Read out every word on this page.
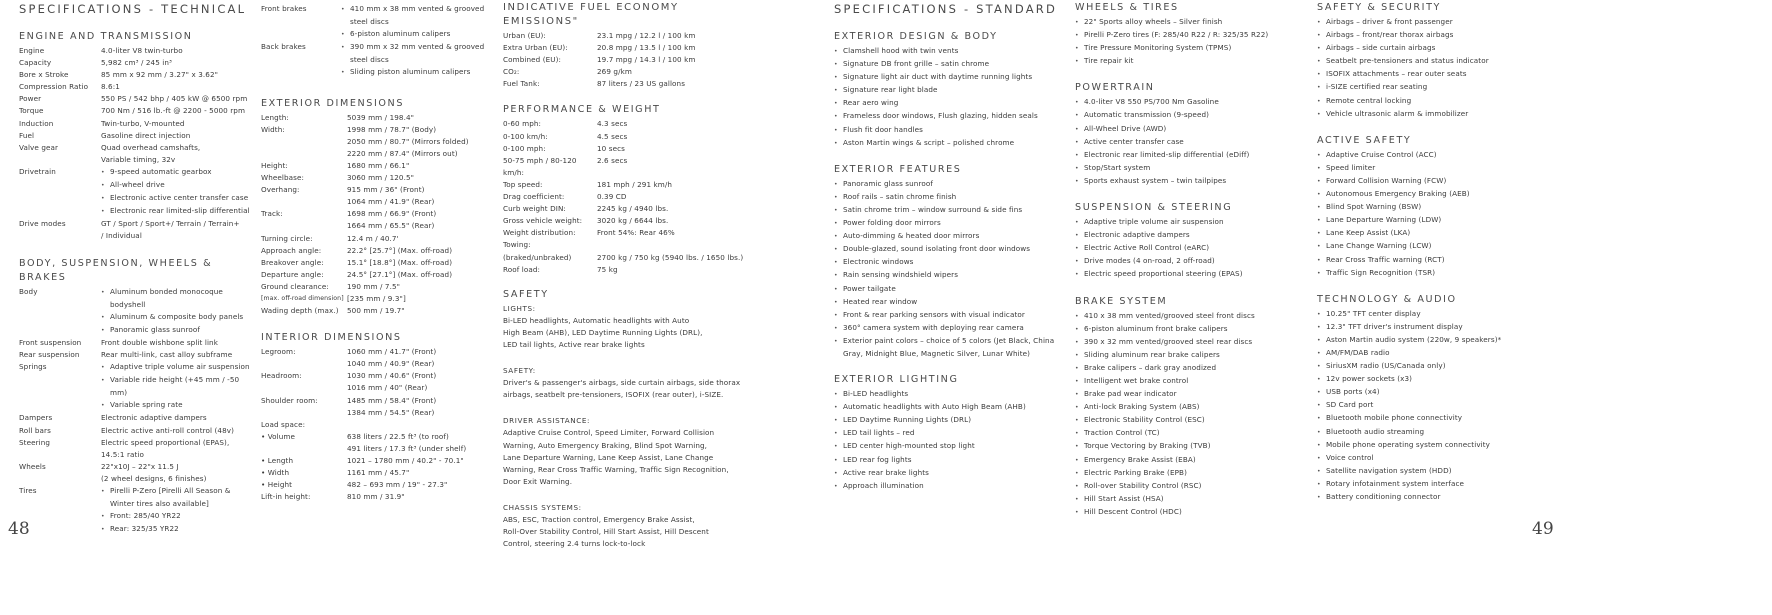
SPECIFICATIONS - TECHNICAL
ENGINE AND TRANSMISSION
Engine	4.0-liter V8 twin-turbo
Capacity	5,982 cm³ / 245 in³
Bore x Stroke	85 mm x 92 mm / 3.27" x 3.62"
Compression Ratio	8.6:1
Power	550 PS / 542 bhp / 405 kW @ 6500 rpm
Torque	700 Nm / 516 lb.-ft @ 2200 - 5000 rpm
Induction	Twin-turbo, V-mounted
Fuel	Gasoline direct injection
Valve gear	Quad overhead camshafts,
Variable timing, 32v
Drivetrain	• 9-speed automatic gearbox
• All-wheel drive
• Electronic active center transfer case
• Electronic rear limited-slip differential
Drive modes	GT / Sport / Sport+/ Terrain / Terrain+
/ Individual
BODY, SUSPENSION, WHEELS & BRAKES
Body	• Aluminum bonded monocoque bodyshell
• Aluminum & composite body panels
• Panoramic glass sunroof
Front suspension	Front double wishbone split link
Rear suspension	Rear multi-link, cast alloy subframe
Springs	• Adaptive triple volume air suspension
• Variable ride height (+45 mm / -50 mm)
• Variable spring rate
Dampers	Electronic adaptive dampers
Roll bars	Electric active anti-roll control (48v)
Steering	Electric speed proportional (EPAS),
14.5:1 ratio
Wheels	22"x10J – 22"x 11.5 J
(2 wheel designs, 6 finishes)
Tires	• Pirelli P-Zero [Pirelli All Season & Winter tires also available]
• Front: 285/40 YR22
• Rear: 325/35 YR22
Front brakes	• 410 mm x 38 mm vented & grooved steel discs
• 6-piston aluminum calipers
Back brakes	• 390 mm x 32 mm vented & grooved steel discs
• Sliding piston aluminum calipers
EXTERIOR DIMENSIONS
Length:	5039 mm / 198.4"
Width:	1998 mm / 78.7" (Body)
2050 mm / 80.7" (Mirrors folded)
2220 mm / 87.4" (Mirrors out)
Height:	1680 mm / 66.1"
Wheelbase:	3060 mm / 120.5"
Overhang:	915 mm / 36" (Front)
1064 mm / 41.9" (Rear)
Track:	1698 mm / 66.9" (Front)
1664 mm / 65.5" (Rear)
Turning circle:	12.4 m / 40.7'
Approach angle:	22.2° [25.7°] (Max. off-road)
Breakover angle:	15.1° [18.8°] (Max. off-road)
Departure angle:	24.5° [27.1°] (Max. off-road)
Ground clearance:	190 mm / 7.5"
[max. off-road dimension] [235 mm / 9.3"]
Wading depth (max.)	500 mm / 19.7"
INTERIOR DIMENSIONS
Legroom:	1060 mm / 41.7" (Front)
1040 mm / 40.9" (Rear)
Headroom:	1030 mm / 40.6" (Front)
1016 mm / 40" (Rear)
Shoulder room:	1485 mm / 58.4" (Front)
1384 mm / 54.5" (Rear)
Load space:

• Volume	638 liters / 22.5 ft³ (to roof)
491 liters / 17.3 ft³ (under shelf)
• Length	1021 – 1780 mm / 40.2" - 70.1"
• Width	1161 mm / 45.7"
• Height	482 – 693 mm / 19" - 27.3"
Lift-in height:	810 mm / 31.9"
INDICATIVE FUEL ECONOMY EMISSIONS"
Urban (EU):	23.1 mpg / 12.2 l / 100 km
Extra Urban (EU):	20.8 mpg / 13.5 l / 100 km
Combined (EU):	19.7 mpg / 14.3 l / 100 km
CO₂:	269 g/km
Fuel Tank:	87 liters / 23 US gallons
PERFORMANCE & WEIGHT
0-60 mph:	4.3 secs
0-100 km/h:	4.5 secs
0-100 mph:	10 secs
50-75 mph / 80-120 km/h:
2.6 secs
Top speed:	181 mph / 291 km/h
Drag coefficient:	0.39 CD
Curb weight DIN:	2245 kg / 4940 lbs.
Gross vehicle weight:	3020 kg / 6644 lbs.
Weight distribution:	Front 54%: Rear 46%
Towing:

(braked/unbraked)	2700 kg / 750 kg (5940 lbs. / 1650 lbs.)
Roof load:	75 kg
SAFETY
LIGHTS:
Bi-LED headlights, Automatic headlights with Auto
High Beam (AHB), LED Daytime Running Lights (DRL),
LED tail lights, Active rear brake lights
SAFETY:
Driver's & passenger's airbags, side curtain airbags, side thorax
airbags, seatbelt pre-tensioners, ISOFIX (rear outer), i-SIZE.
DRIVER ASSISTANCE:
Adaptive Cruise Control, Speed Limiter, Forward Collision
Warning, Auto Emergency Braking, Blind Spot Warning,
Lane Departure Warning, Lane Keep Assist, Lane Change
Warning, Rear Cross Traffic Warning, Traffic Sign Recognition,
Door Exit Warning.
CHASSIS SYSTEMS:
ABS, ESC, Traction control, Emergency Brake Assist,
Roll-Over Stability Control, Hill Start Assist, Hill Descent
Control, steering 2.4 turns lock-to-lock
48
SPECIFICATIONS - STANDARD
EXTERIOR DESIGN & BODY
• Clamshell hood with twin vents
• Signature DB front grille – satin chrome
• Signature light air duct with daytime running lights
• Signature rear light blade
• Rear aero wing
• Frameless door windows, Flush glazing, hidden seals
• Flush fit door handles
• Aston Martin wings & script – polished chrome
EXTERIOR FEATURES
• Panoramic glass sunroof
• Roof rails – satin chrome finish
• Satin chrome trim – window surround & side fins
• Power folding door mirrors
• Auto-dimming & heated door mirrors
• Double-glazed, sound isolating front door windows
• Electronic windows
• Rain sensing windshield wipers
• Power tailgate
• Heated rear window
• Front & rear parking sensors with visual indicator
• 360° camera system with deploying rear camera
• Exterior paint colors – choice of 5 colors (Jet Black, China Gray, Midnight Blue, Magnetic Silver, Lunar White)
EXTERIOR LIGHTING
• Bi-LED headlights
• Automatic headlights with Auto High Beam (AHB)
• LED Daytime Running Lights (DRL)
• LED tail lights – red
• LED center high-mounted stop light
• LED rear fog lights
• Active rear brake lights
• Approach illumination
WHEELS & TIRES
• 22" Sports alloy wheels – Silver finish
• Pirelli P-Zero tires (F: 285/40 R22 / R: 325/35 R22)
• Tire Pressure Monitoring System (TPMS)
• Tire repair kit
POWERTRAIN
• 4.0-liter V8 550 PS/700 Nm Gasoline
• Automatic transmission (9-speed)
• All-Wheel Drive (AWD)
• Active center transfer case
• Electronic rear limited-slip differential (eDiff)
• Stop/Start system
• Sports exhaust system – twin tailpipes
SUSPENSION & STEERING
• Adaptive triple volume air suspension
• Electronic adaptive dampers
• Electric Active Roll Control (eARC)
• Drive modes (4 on-road, 2 off-road)
• Electric speed proportional steering (EPAS)
BRAKE SYSTEM
• 410 x 38 mm vented/grooved steel front discs
• 6-piston aluminum front brake calipers
• 390 x 32 mm vented/grooved steel rear discs
• Sliding aluminum rear brake calipers
• Brake calipers – dark gray anodized
• Intelligent wet brake control
• Brake pad wear indicator
• Anti-lock Braking System (ABS)
• Electronic Stability Control (ESC)
• Traction Control (TC)
• Torque Vectoring by Braking (TVB)
• Emergency Brake Assist (EBA)
• Electric Parking Brake (EPB)
• Roll-over Stability Control (RSC)
• Hill Start Assist (HSA)
• Hill Descent Control (HDC)
SAFETY & SECURITY
• Airbags – driver & front passenger
• Airbags – front/rear thorax airbags
• Airbags – side curtain airbags
• Seatbelt pre-tensioners and status indicator
• ISOFIX attachments – rear outer seats
• i-SIZE certified rear seating
• Remote central locking
• Vehicle ultrasonic alarm & immobilizer
ACTIVE SAFETY
• Adaptive Cruise Control (ACC)
• Speed limiter
• Forward Collision Warning (FCW)
• Autonomous Emergency Braking (AEB)
• Blind Spot Warning (BSW)
• Lane Departure Warning (LDW)
• Lane Keep Assist (LKA)
• Lane Change Warning (LCW)
• Rear Cross Traffic warning (RCT)
• Traffic Sign Recognition (TSR)
TECHNOLOGY & AUDIO
• 10.25" TFT center display
• 12.3" TFT driver's instrument display
• Aston Martin audio system (220w, 9 speakers)*
• AM/FM/DAB radio
• SiriusXM radio (US/Canada only)
• 12v power sockets (x3)
• USB ports (x4)
• SD Card port
• Bluetooth mobile phone connectivity
• Bluetooth audio streaming
• Mobile phone operating system connectivity
• Voice control
• Satellite navigation system (HDD)
• Rotary infotainment system interface
• Battery conditioning connector
49
